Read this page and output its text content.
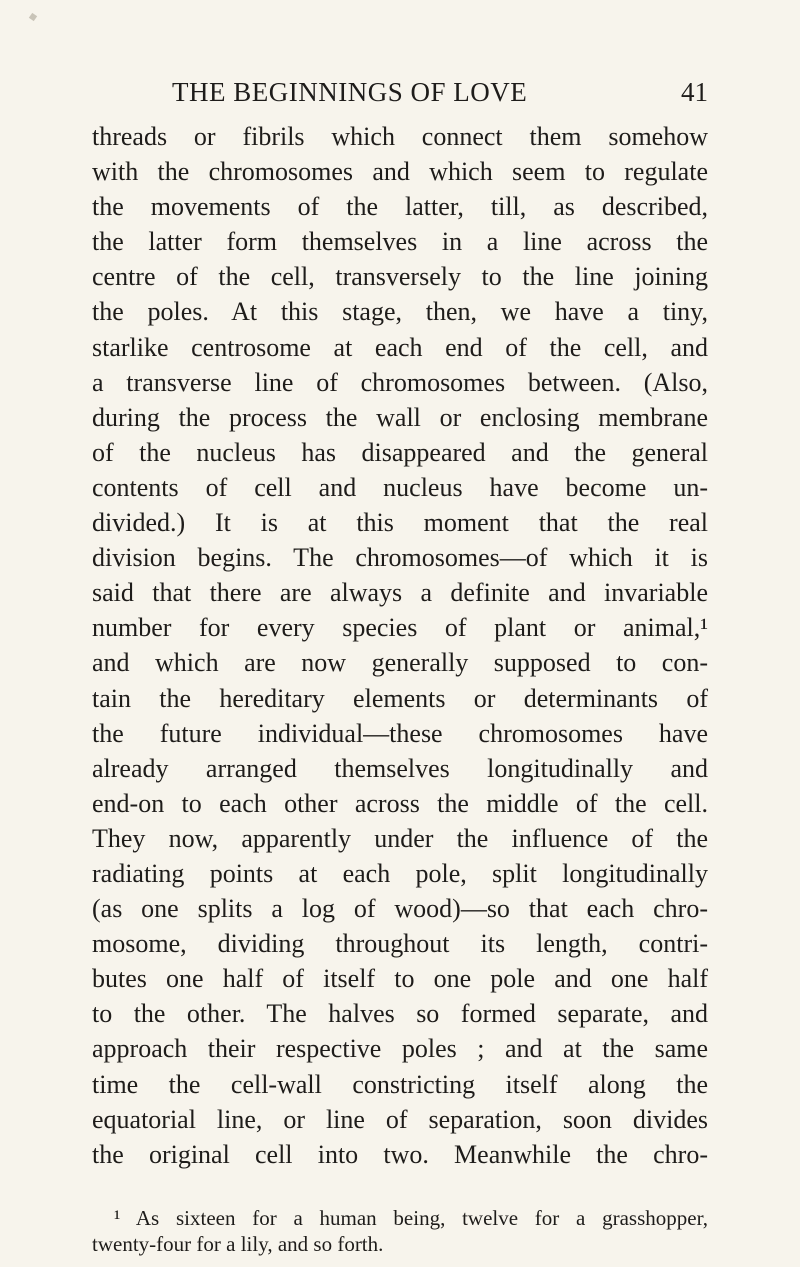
THE BEGINNINGS OF LOVE	41
threads or fibrils which connect them somehow
with the chromosomes and which seem to regulate
the movements of the latter, till, as described,
the latter form themselves in a line across the
centre of the cell, transversely to the line joining
the poles. At this stage, then, we have a tiny,
starlike centrosome at each end of the cell, and
a transverse line of chromosomes between. (Also,
during the process the wall or enclosing membrane
of the nucleus has disappeared and the general
contents of cell and nucleus have become un-
divided.) It is at this moment that the real
division begins. The chromosomes—of which it is
said that there are always a definite and invariable
number for every species of plant or animal,¹
and which are now generally supposed to con-
tain the hereditary elements or determinants of
the future individual—these chromosomes have
already arranged themselves longitudinally and
end-on to each other across the middle of the cell.
They now, apparently under the influence of the
radiating points at each pole, split longitudinally
(as one splits a log of wood)—so that each chro-
mosome, dividing throughout its length, contri-
butes one half of itself to one pole and one half
to the other. The halves so formed separate, and
approach their respective poles ; and at the same
time the cell-wall constricting itself along the
equatorial line, or line of separation, soon divides
the original cell into two. Meanwhile the chro-
¹ As sixteen for a human being, twelve for a grasshopper,
twenty-four for a lily, and so forth.
